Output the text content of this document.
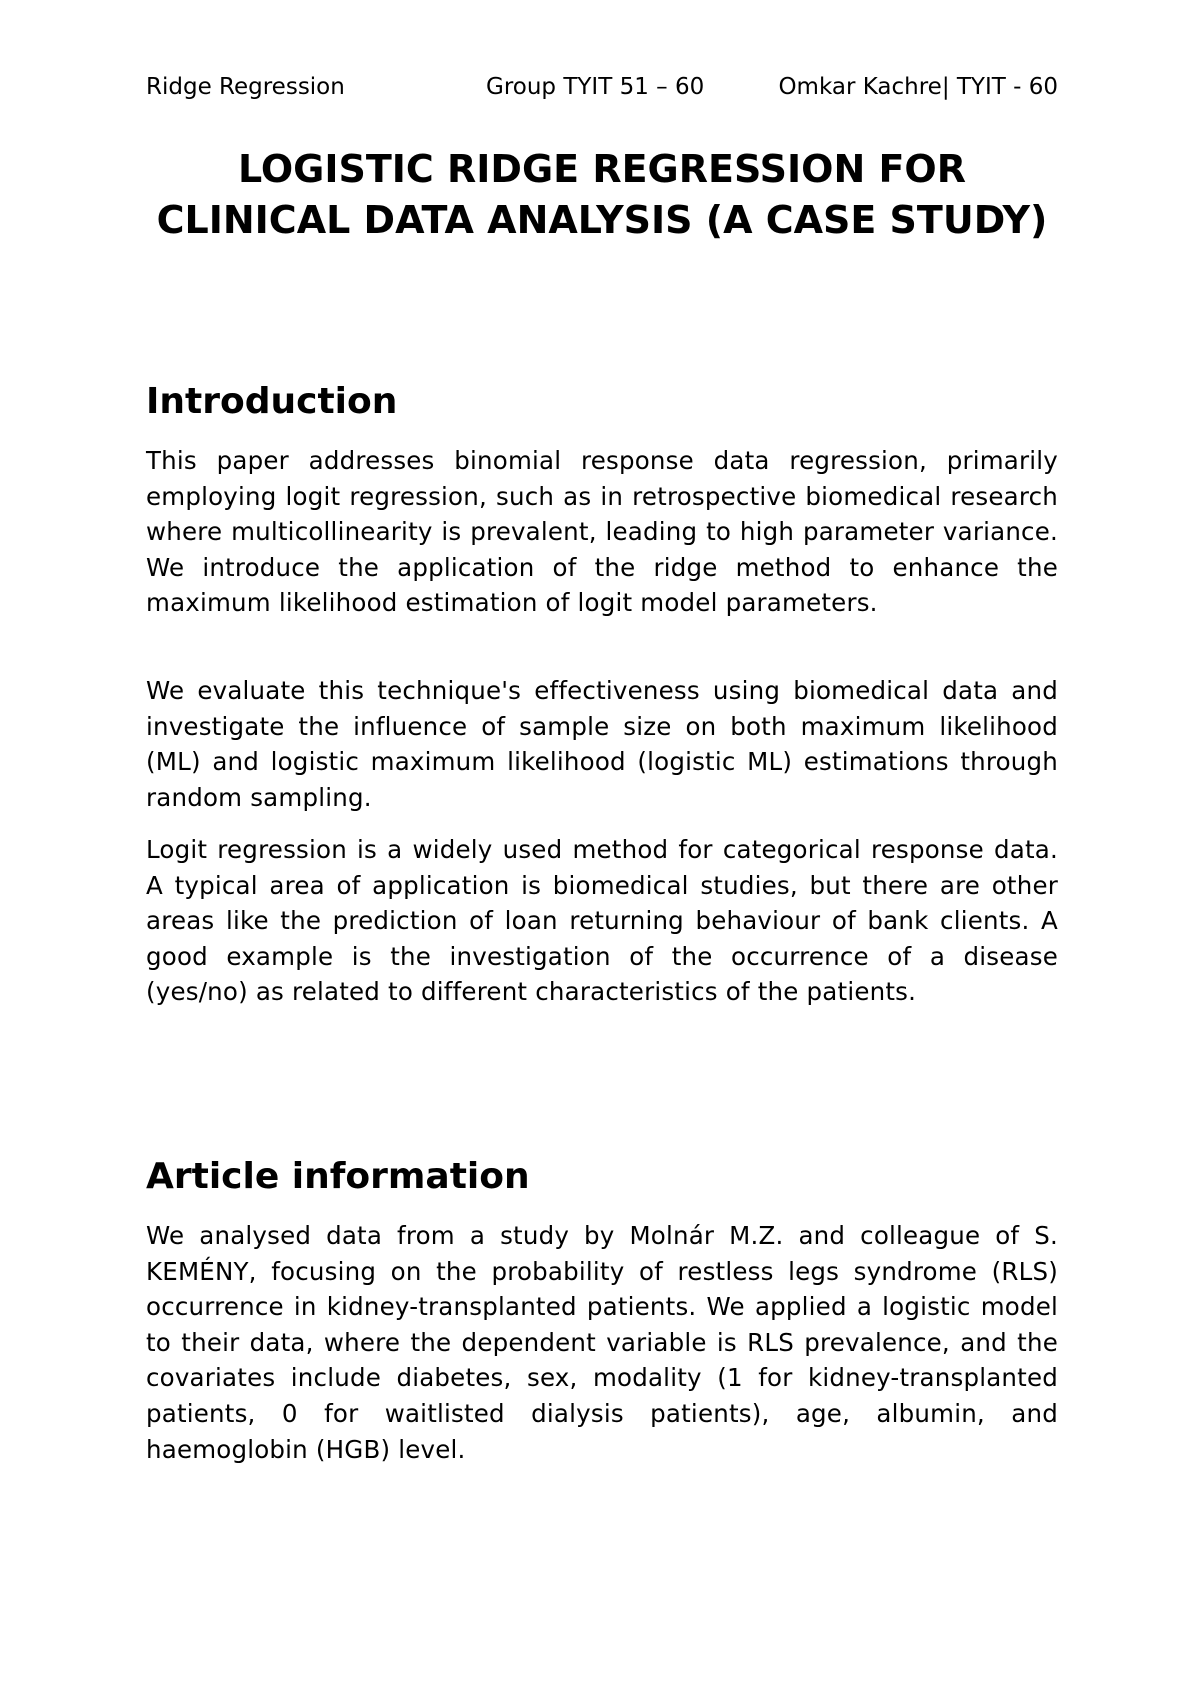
Ridge Regression	Group TYIT 51 – 60	Omkar Kachre| TYIT - 60
LOGISTIC RIDGE REGRESSION FOR CLINICAL DATA ANALYSIS (A CASE STUDY)
Introduction

This paper addresses binomial response data regression, primarily employing logit regression, such as in retrospective biomedical research where multicollinearity is prevalent, leading to high parameter variance. We introduce the application of the ridge method to enhance the maximum likelihood estimation of logit model parameters.

We evaluate this technique's effectiveness using biomedical data and investigate the influence of sample size on both maximum likelihood (ML) and logistic maximum likelihood (logistic ML) estimations through random sampling.

Logit regression is a widely used method for categorical response data. A typical area of application is biomedical studies, but there are other areas like the prediction of loan returning behaviour of bank clients. A good example is the investigation of the occurrence of a disease (yes/no) as related to different characteristics of the patients.

Article information

We analysed data from a study by Molnár M.Z. and colleague of S. KEMÉNY, focusing on the probability of restless legs syndrome (RLS) occurrence in kidney-transplanted patients. We applied a logistic model to their data, where the dependent variable is RLS prevalence, and the covariates include diabetes, sex, modality (1 for kidney-transplanted patients, 0 for waitlisted dialysis patients), age, albumin, and haemoglobin (HGB) level.
